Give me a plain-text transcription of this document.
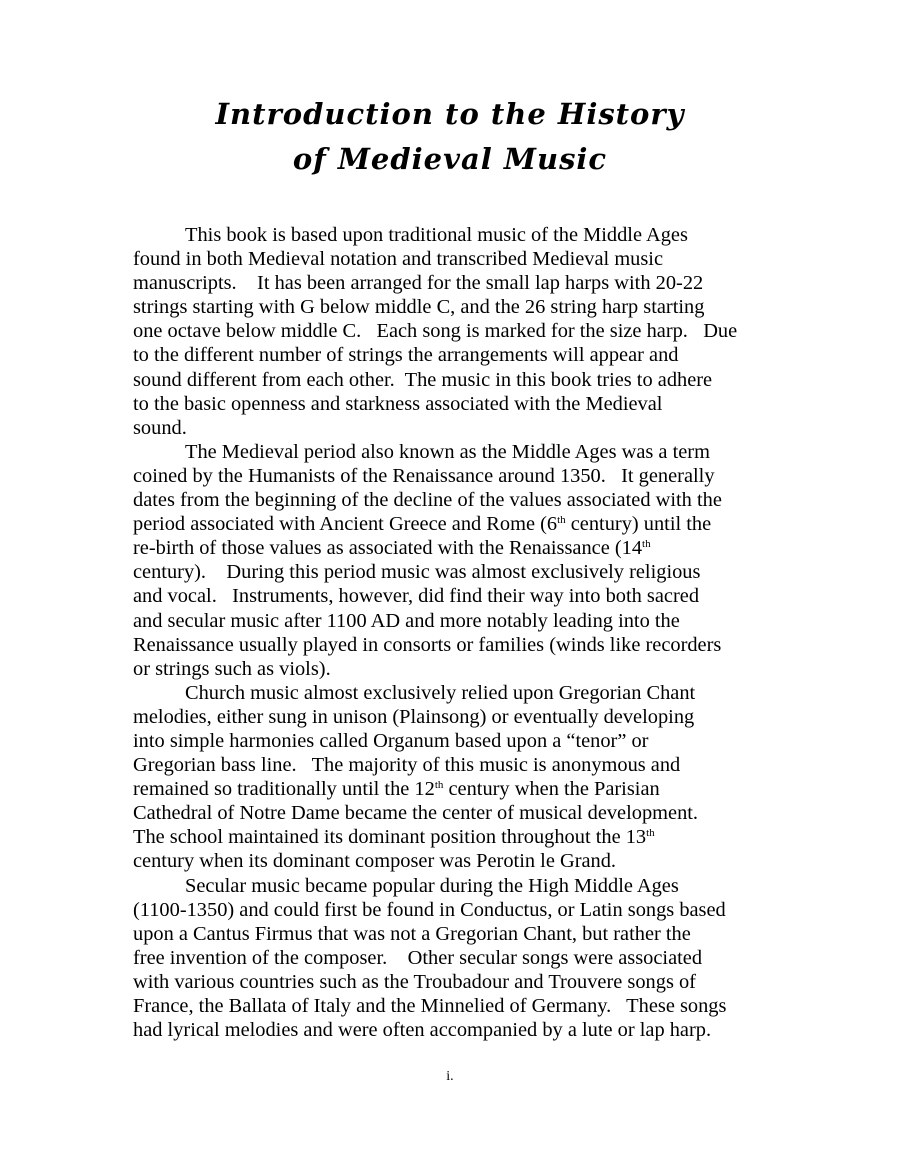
Introduction to the History
of Medieval Music
This book is based upon traditional music of the Middle Ages
found in both Medieval notation and transcribed Medieval music
manuscripts.    It has been arranged for the small lap harps with 20-22
strings starting with G below middle C, and the 26 string harp starting
one octave below middle C.   Each song is marked for the size harp.   Due
to the different number of strings the arrangements will appear and
sound different from each other.  The music in this book tries to adhere
to the basic openness and starkness associated with the Medieval
sound.
The Medieval period also known as the Middle Ages was a term
coined by the Humanists of the Renaissance around 1350.   It generally
dates from the beginning of the decline of the values associated with the
period associated with Ancient Greece and Rome (6th century) until the
re-birth of those values as associated with the Renaissance (14th
century).    During this period music was almost exclusively religious
and vocal.   Instruments, however, did find their way into both sacred
and secular music after 1100 AD and more notably leading into the
Renaissance usually played in consorts or families (winds like recorders
or strings such as viols).
Church music almost exclusively relied upon Gregorian Chant
melodies, either sung in unison (Plainsong) or eventually developing
into simple harmonies called Organum based upon a “tenor” or
Gregorian bass line.   The majority of this music is anonymous and
remained so traditionally until the 12th century when the Parisian
Cathedral of Notre Dame became the center of musical development.
The school maintained its dominant position throughout the 13th
century when its dominant composer was Perotin le Grand.
Secular music became popular during the High Middle Ages
(1100-1350) and could first be found in Conductus, or Latin songs based
upon a Cantus Firmus that was not a Gregorian Chant, but rather the
free invention of the composer.    Other secular songs were associated
with various countries such as the Troubadour and Trouvere songs of
France, the Ballata of Italy and the Minnelied of Germany.   These songs
had lyrical melodies and were often accompanied by a lute or lap harp.
i.
